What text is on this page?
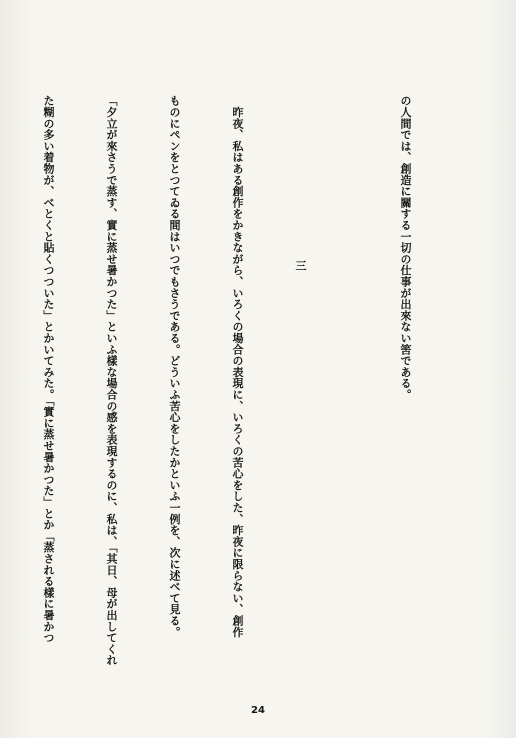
の人間では、創造に關する一切の仕事が出來ない筈である。

三

　昨夜、私はある創作をかきながら、いろくの場合の表現に、いろくの苦心をした、昨夜に限らない、創作

ものにペンをとつてゐる間はいつでもさうである。どういふ苦心をしたかといふ一例を、次に述べて見る。

「夕立が來さうで蒸す、實に蒸せ暑かつた」といふ樣な場合の感を表現するのに、私は、「其日、母が出してくれ

た糊の多い着物が、べとくと貼くつついた」とかいてみた。「實に蒸せ暑かつた」とか「蒸される樣に暑かつ

24
